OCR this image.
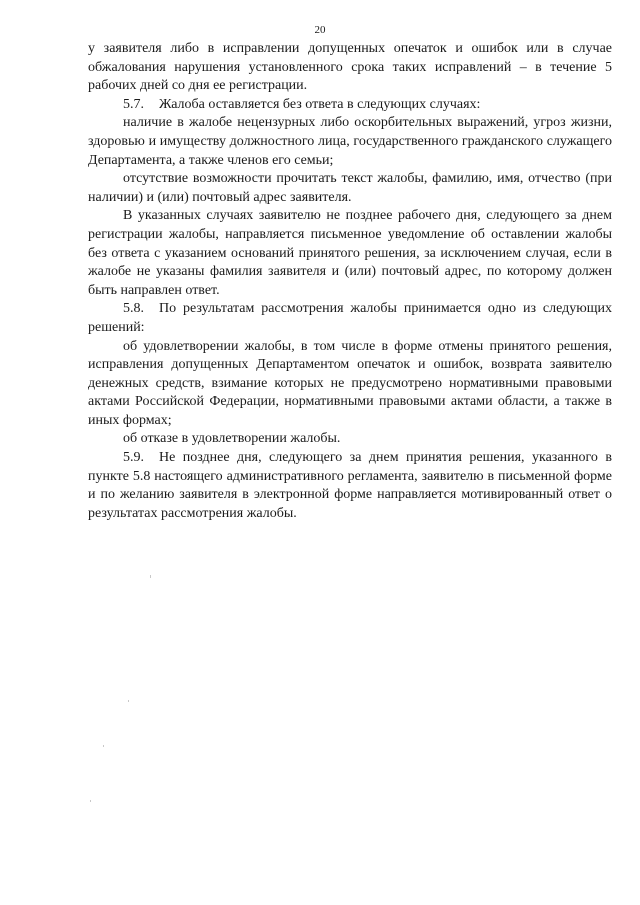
20

у заявителя либо в исправлении допущенных опечаток и ошибок или в случае обжалования нарушения установленного срока таких исправлений – в течение 5 рабочих дней со дня ее регистрации.

5.7. Жалоба оставляется без ответа в следующих случаях:

наличие в жалобе нецензурных либо оскорбительных выражений, угроз жизни, здоровью и имуществу должностного лица, государственного гражданского служащего Департамента, а также членов его семьи;

отсутствие возможности прочитать текст жалобы, фамилию, имя, отчество (при наличии) и (или) почтовый адрес заявителя.

В указанных случаях заявителю не позднее рабочего дня, следующего за днем регистрации жалобы, направляется письменное уведомление об оставлении жалобы без ответа с указанием оснований принятого решения, за исключением случая, если в жалобе не указаны фамилия заявителя и (или) почтовый адрес, по которому должен быть направлен ответ.

5.8. По результатам рассмотрения жалобы принимается одно из следующих решений:

об удовлетворении жалобы, в том числе в форме отмены принятого решения, исправления допущенных Департаментом опечаток и ошибок, возврата заявителю денежных средств, взимание которых не предусмотрено нормативными правовыми актами Российской Федерации, нормативными правовыми актами области, а также в иных формах;

об отказе в удовлетворении жалобы.

5.9. Не позднее дня, следующего за днем принятия решения, указанного в пункте 5.8 настоящего административного регламента, заявителю в письменной форме и по желанию заявителя в электронной форме направляется мотивированный ответ о результатах рассмотрения жалобы.
